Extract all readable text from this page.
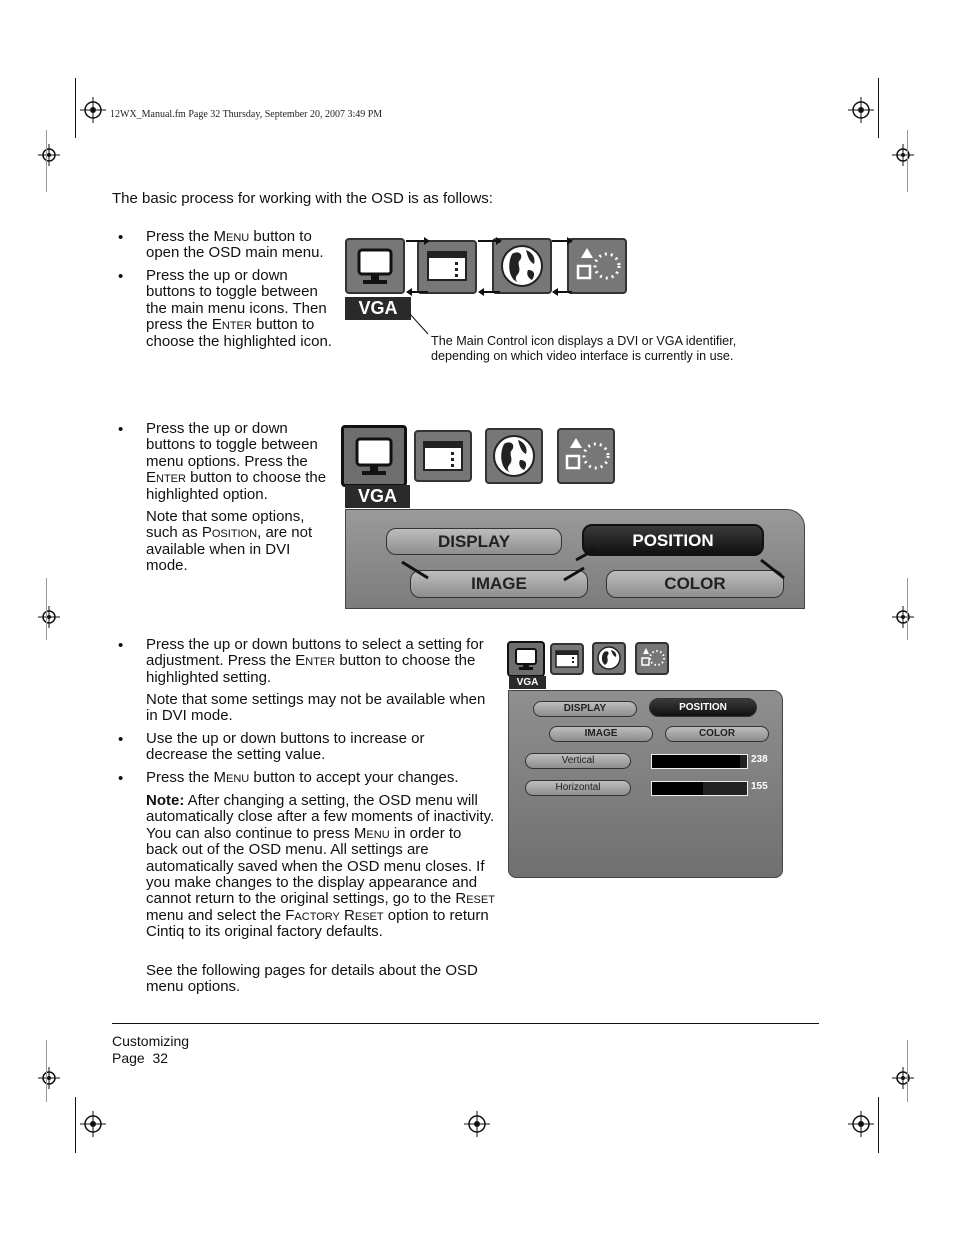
12WX_Manual.fm Page 32 Thursday, September 20, 2007 3:49 PM
The basic process for working with the OSD is as follows:
• Press the Menu button to open the OSD main menu.
• Press the up or down buttons to toggle between the main menu icons. Then press the Enter button to choose the highlighted icon.
VGA
The Main Control icon displays a DVI or VGA identifier, depending on which video interface is currently in use.
• Press the up or down buttons to toggle between menu options. Press the Enter button to choose the highlighted option.
Note that some options, such as Position, are not available when in DVI mode.
VGA
DISPLAY	POSITION
IMAGE	COLOR
• Press the up or down buttons to select a setting for adjustment. Press the Enter button to choose the highlighted setting.
Note that some settings may not be available when in DVI mode.
• Use the up or down buttons to increase or decrease the setting value.
• Press the Menu button to accept your changes.
Note: After changing a setting, the OSD menu will automatically close after a few moments of inactivity. You can also continue to press Menu in order to back out of the OSD menu. All settings are automatically saved when the OSD menu closes. If you make changes to the display appearance and cannot return to the original settings, go to the Reset menu and select the Factory Reset option to return Cintiq to its original factory defaults.
See the following pages for details about the OSD menu options.
VGA
DISPLAY	POSITION
IMAGE	COLOR
Vertical	238
Horizontal	155
Customizing
Page  32
